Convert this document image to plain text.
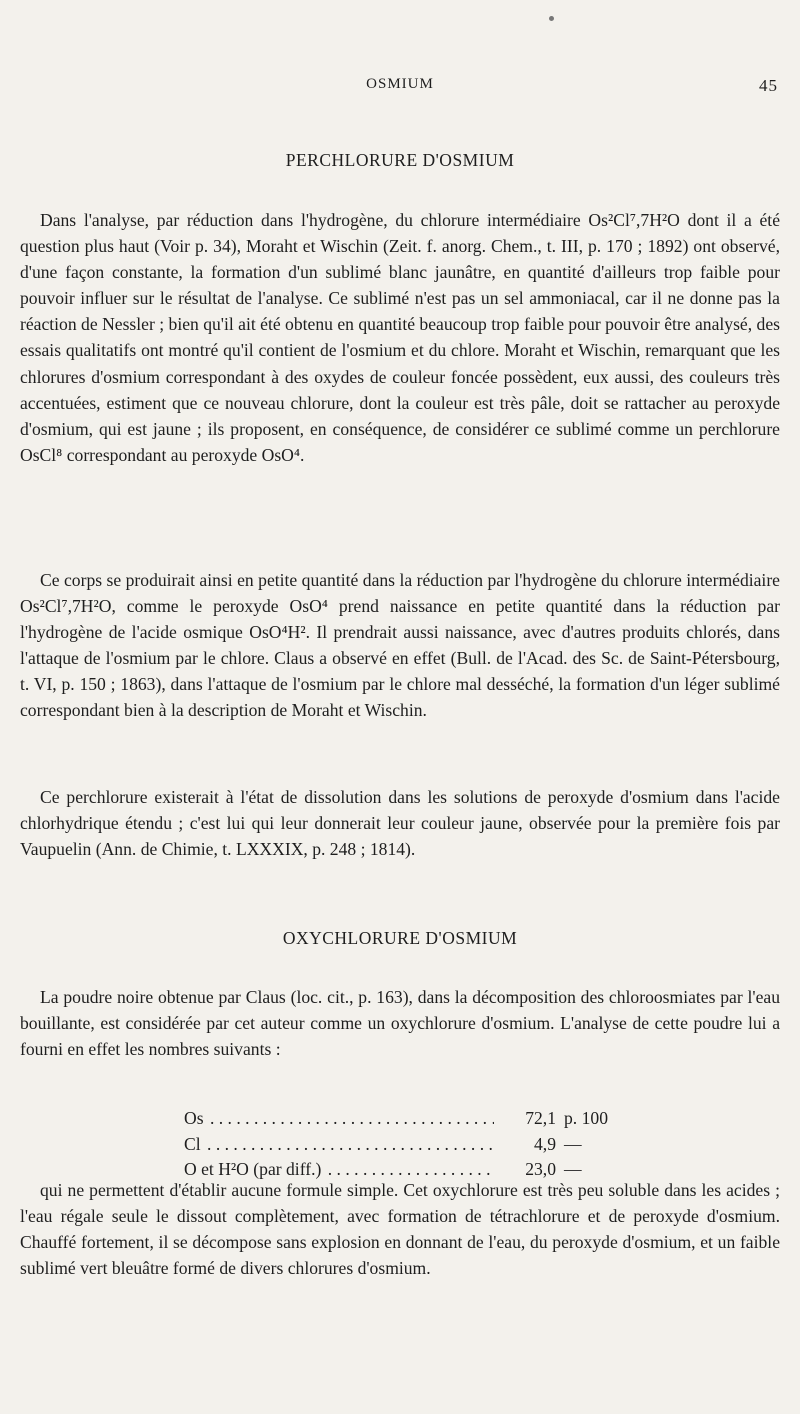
OSMIUM	45
PERCHLORURE D'OSMIUM

Dans l'analyse, par réduction dans l'hydrogène, du chlorure intermédiaire Os²Cl⁷,7H²O dont il a été question plus haut (Voir p. 34), Moraht et Wischin (Zeit. f. anorg. Chem., t. III, p. 170 ; 1892) ont observé, d'une façon constante, la formation d'un sublimé blanc jaunâtre, en quantité d'ailleurs trop faible pour pouvoir influer sur le résultat de l'analyse. Ce sublimé n'est pas un sel ammoniacal, car il ne donne pas la réaction de Nessler ; bien qu'il ait été obtenu en quantité beaucoup trop faible pour pouvoir être analysé, des essais qualitatifs ont montré qu'il contient de l'osmium et du chlore. Moraht et Wischin, remarquant que les chlorures d'osmium correspondant à des oxydes de couleur foncée possèdent, eux aussi, des couleurs très accentuées, estiment que ce nouveau chlorure, dont la couleur est très pâle, doit se rattacher au peroxyde d'osmium, qui est jaune ; ils proposent, en conséquence, de considérer ce sublimé comme un perchlorure OsCl⁸ correspondant au peroxyde OsO⁴.

Ce corps se produirait ainsi en petite quantité dans la réduction par l'hydrogène du chlorure intermédiaire Os²Cl⁷,7H²O, comme le peroxyde OsO⁴ prend naissance en petite quantité dans la réduction par l'hydrogène de l'acide osmique OsO⁴H². Il prendrait aussi naissance, avec d'autres produits chlorés, dans l'attaque de l'osmium par le chlore. Claus a observé en effet (Bull. de l'Acad. des Sc. de Saint-Pétersbourg, t. VI, p. 150 ; 1863), dans l'attaque de l'osmium par le chlore mal desséché, la formation d'un léger sublimé correspondant bien à la description de Moraht et Wischin.

Ce perchlorure existerait à l'état de dissolution dans les solutions de peroxyde d'osmium dans l'acide chlorhydrique étendu ; c'est lui qui leur donnerait leur couleur jaune, observée pour la première fois par Vaupuelin (Ann. de Chimie, t. LXXXIX, p. 248 ; 1814).

OXYCHLORURE D'OSMIUM

La poudre noire obtenue par Claus (loc. cit., p. 163), dans la décomposition des chloroosmiates par l'eau bouillante, est considérée par cet auteur comme un oxychlorure d'osmium. L'analyse de cette poudre lui a fourni en effet les nombres suivants :

Os . . .	72,1 p. 100
Cl . . .	4,9 —
O et H²O (par diff.) . . .	23,0 —

qui ne permettent d'établir aucune formule simple. Cet oxychlorure est très peu soluble dans les acides ; l'eau régale seule le dissout complètement, avec formation de tétrachlorure et de peroxyde d'osmium. Chauffé fortement, il se décompose sans explosion en donnant de l'eau, du peroxyde d'osmium, et un faible sublimé vert bleuâtre formé de divers chlorures d'osmium.
